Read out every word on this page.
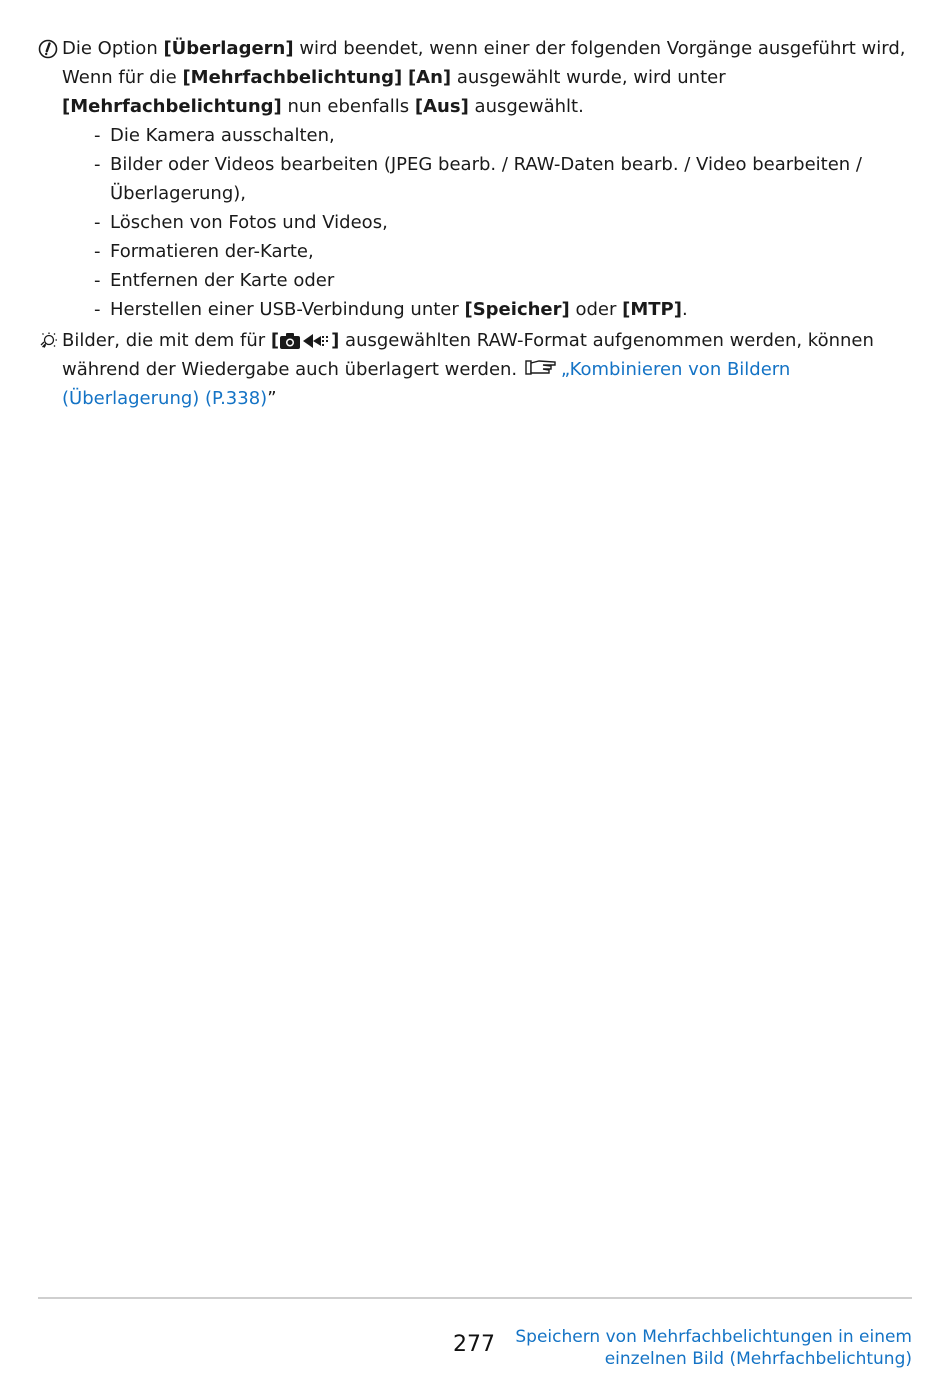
Die Option [Überlagern] wird beendet, wenn einer der folgenden Vorgänge ausgeführt wird, Wenn für die [Mehrfachbelichtung] [An] ausgewählt wurde, wird unter [Mehrfachbelichtung] nun ebenfalls [Aus] ausgewählt.
- Die Kamera ausschalten,
- Bilder oder Videos bearbeiten (JPEG bearb. / RAW-Daten bearb. / Video bearbeiten / Überlagerung),
- Löschen von Fotos und Videos,
- Formatieren der-Karte,
- Entfernen der Karte oder
- Herstellen einer USB-Verbindung unter [Speicher] oder [MTP].
Bilder, die mit dem für [	] ausgewählten RAW-Format aufgenommen werden, können während der Wiedergabe auch überlagert werden. „Kombinieren von Bildern (Überlagerung) (P.338)”
277	Speichern von Mehrfachbelichtungen in einem
einzelnen Bild (Mehrfachbelichtung)
